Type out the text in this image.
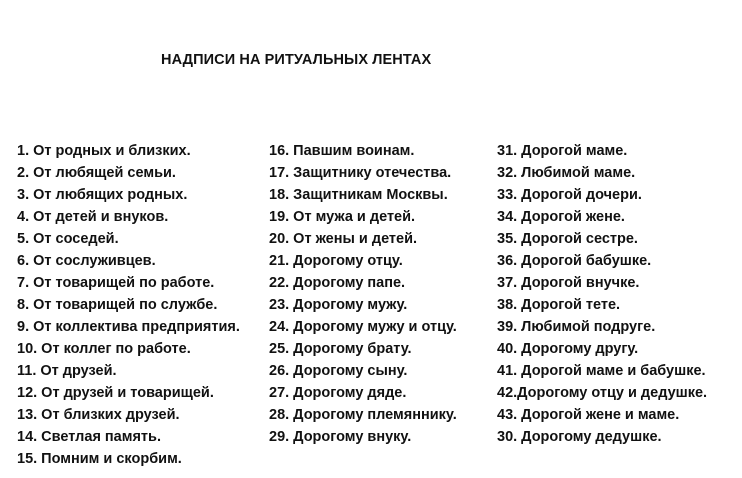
НАДПИСИ НА РИТУАЛЬНЫХ ЛЕНТАХ
1. От родных и близких.
2. От любящей семьи.
3. От любящих родных.
4. От детей и внуков.
5. От соседей.
6. От сослуживцев.
7. От товарищей по работе.
8. От товарищей по службе.
9. От коллектива предприятия.
10. От коллег по работе.
11. От друзей.
12. От друзей и товарищей.
13. От близких друзей.
14. Светлая память.
15. Помним и скорбим.
16. Павшим воинам.
17. Защитнику отечества.
18. Защитникам Москвы.
19. От мужа и детей.
20. От жены и детей.
21. Дорогому отцу.
22. Дорогому папе.
23. Дорогому мужу.
24. Дорогому мужу и отцу.
25. Дорогому брату.
26. Дорогому сыну.
27. Дорогому дяде.
28. Дорогому племяннику.
29. Дорогому внуку.
31. Дорогой маме.
32. Любимой маме.
33. Дорогой дочери.
34. Дорогой жене.
35. Дорогой сестре.
36. Дорогой бабушке.
37. Дорогой внучке.
38. Дорогой тете.
39. Любимой подруге.
40. Дорогому другу.
41. Дорогой маме и бабушке.
42.Дорогому отцу и дедушке.
43. Дорогой жене и маме.
30. Дорогому дедушке.
